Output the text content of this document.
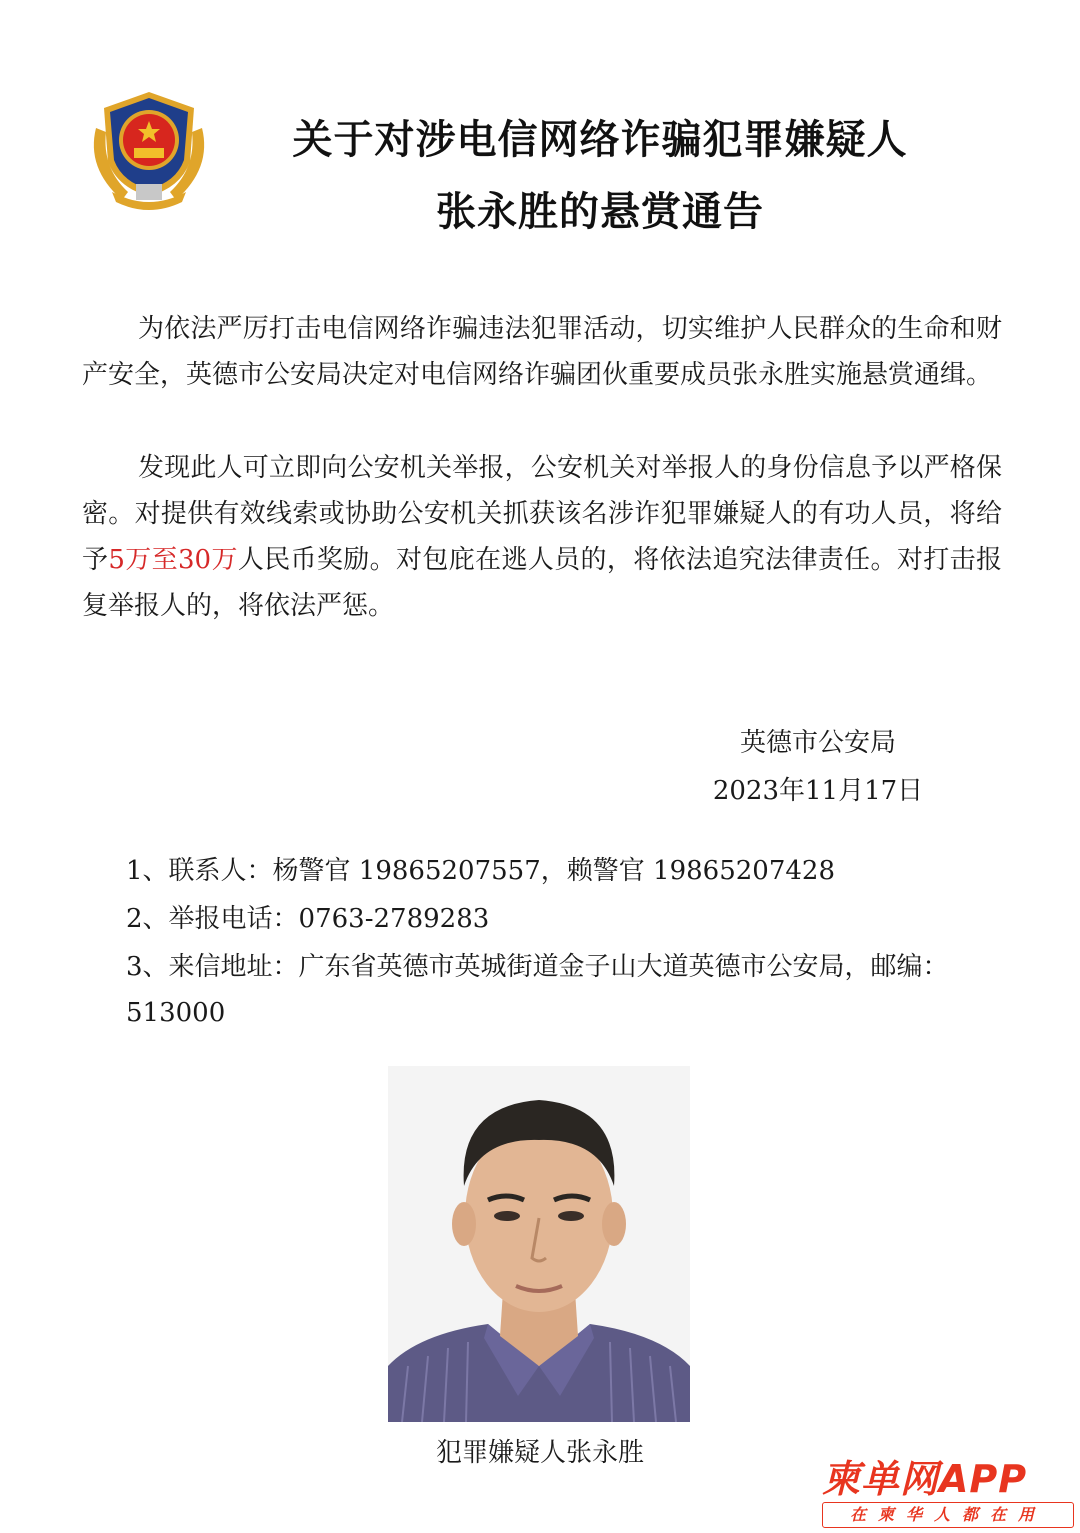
关于对涉电信网络诈骗犯罪嫌疑人
张永胜的悬赏通告

为依法严厉打击电信网络诈骗违法犯罪活动，切实维护人民群众的生命和财产安全，英德市公安局决定对电信网络诈骗团伙重要成员张永胜实施悬赏通缉。

发现此人可立即向公安机关举报，公安机关对举报人的身份信息予以严格保密。对提供有效线索或协助公安机关抓获该名涉诈犯罪嫌疑人的有功人员，将给予5万至30万人民币奖励。对包庇在逃人员的，将依法追究法律责任。对打击报复举报人的，将依法严惩。

英德市公安局

2023年11月17日

1、联系人：杨警官 19865207557，赖警官 19865207428

2、举报电话：0763-2789283

3、来信地址：广东省英德市英城街道金子山大道英德市公安局，邮编：513000

犯罪嫌疑人张永胜

柬单网APP

在柬华人都在用
